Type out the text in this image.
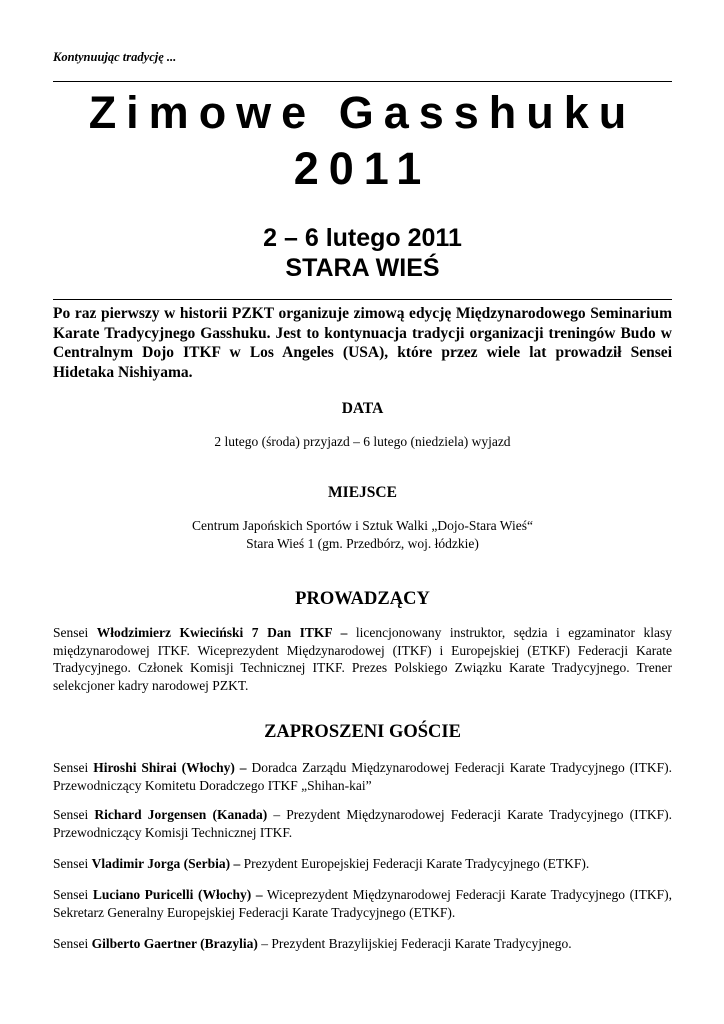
Kontynuując tradycję ...
Zimowe Gasshuku
2011
2 – 6 lutego 2011
STARA WIEŚ
Po raz pierwszy w historii PZKT organizuje zimową edycję Międzynarodowego Seminarium Karate Tradycyjnego Gasshuku. Jest to kontynuacja tradycji organizacji treningów Budo w Centralnym Dojo ITKF w Los Angeles (USA), które przez wiele lat prowadził Sensei Hidetaka Nishiyama.
DATA
2 lutego (środa) przyjazd – 6 lutego (niedziela) wyjazd
MIEJSCE
Centrum Japońskich Sportów i Sztuk Walki „Dojo-Stara Wieś“
Stara Wieś 1 (gm. Przedbórz, woj. łódzkie)
PROWADZĄCY
Sensei Włodzimierz Kwieciński 7 Dan ITKF – licencjonowany instruktor, sędzia i egzaminator klasy międzynarodowej ITKF. Wiceprezydent Międzynarodowej (ITKF) i Europejskiej (ETKF) Federacji Karate Tradycyjnego. Członek Komisji Technicznej ITKF. Prezes Polskiego Związku Karate Tradycyjnego. Trener selekcjoner kadry narodowej PZKT.
ZAPROSZENI GOŚCIE
Sensei Hiroshi Shirai (Włochy) – Doradca Zarządu Międzynarodowej Federacji Karate Tradycyjnego (ITKF). Przewodniczący Komitetu Doradczego ITKF „Shihan-kai”
Sensei Richard Jorgensen (Kanada) – Prezydent Międzynarodowej Federacji Karate Tradycyjnego (ITKF). Przewodniczący Komisji Technicznej ITKF.
Sensei Vladimir Jorga (Serbia) – Prezydent Europejskiej Federacji Karate Tradycyjnego (ETKF).
Sensei Luciano Puricelli (Włochy) – Wiceprezydent Międzynarodowej Federacji Karate Tradycyjnego (ITKF), Sekretarz Generalny Europejskiej Federacji Karate Tradycyjnego (ETKF).
Sensei Gilberto Gaertner (Brazylia) – Prezydent Brazylijskiej Federacji Karate Tradycyjnego.
